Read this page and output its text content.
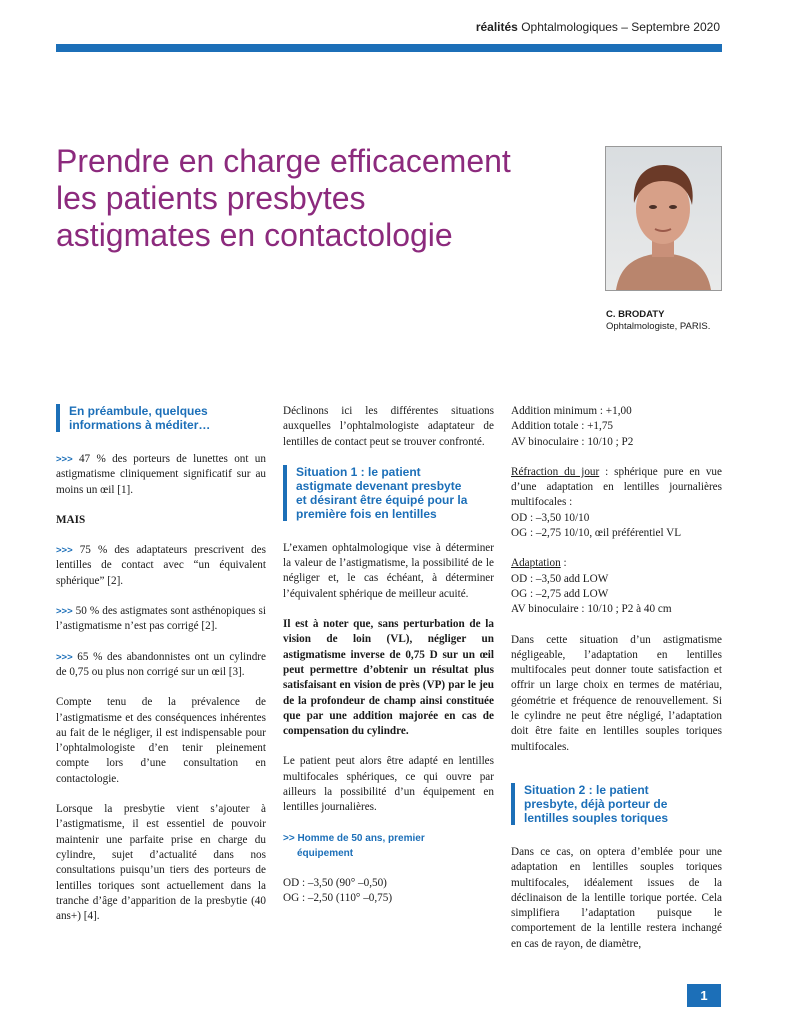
réalités Ophtalmologiques – Septembre 2020
Prendre en charge efficacement
les patients presbytes
astigmates en contactologie
C. BRODATY
Ophtalmologiste, PARIS.
En préambule, quelques
informations à méditer…

>>> 47 % des porteurs de lunettes ont un astigmatisme cliniquement significatif sur au moins un œil [1].

MAIS

>>> 75 % des adaptateurs prescrivent des lentilles de contact avec “un équivalent sphérique” [2].

>>> 50 % des astigmates sont asthénopiques si l’astigmatisme n’est pas corrigé [2].

>>> 65 % des abandonnistes ont un cylindre de 0,75 ou plus non corrigé sur un œil [3].

Compte tenu de la prévalence de l’astigmatisme et des conséquences inhérentes au fait de le négliger, il est indispensable pour l’ophtalmologiste d’en tenir pleinement compte lors d’une consultation en contactologie.

Lorsque la presbytie vient s’ajouter à l’astigmatisme, il est essentiel de pouvoir maintenir une parfaite prise en charge du cylindre, sujet d’actualité dans nos consultations puisqu’un tiers des porteurs de lentilles toriques sont actuellement dans la tranche d’âge d’apparition de la presbytie (40 ans+) [4].

Déclinons ici les différentes situations auxquelles l’ophtalmologiste adaptateur de lentilles de contact peut se trouver confronté.

Situation 1 : le patient
astigmate devenant presbyte
et désirant être équipé pour la
première fois en lentilles

L’examen ophtalmologique vise à déterminer la valeur de l’astigmatisme, la possibilité de le négliger et, le cas échéant, à déterminer l’équivalent sphérique de meilleur acuité.

Il est à noter que, sans perturbation de la vision de loin (VL), négliger un astigmatisme inverse de 0,75 D sur un œil peut permettre d’obtenir un résultat plus satisfaisant en vision de près (VP) par le jeu de la profondeur de champ ainsi constituée que par une addition majorée en cas de compensation du cylindre.

Le patient peut alors être adapté en lentilles multifocales sphériques, ce qui ouvre par ailleurs la possibilité d’un équipement en lentilles journalières.

>> Homme de 50 ans, premier
équipement
OD : –3,50 (90° –0,50)
OG : –2,50 (110° –0,75)
Addition minimum : +1,00
Addition totale : +1,75
AV binoculaire : 10/10 ; P2

Réfraction du jour : sphérique pure en vue d’une adaptation en lentilles journalières multifocales :

OD : –3,50 10/10
OG : –2,75 10/10, œil préférentiel VL
Adaptation :
OD : –3,50 add LOW
OG : –2,75 add LOW
AV binoculaire : 10/10 ; P2 à 40 cm

Dans cette situation d’un astigmatisme négligeable, l’adaptation en lentilles multifocales peut donner toute satisfaction et offrir un large choix en termes de matériau, géométrie et fréquence de renouvellement. Si le cylindre ne peut être négligé, l’adaptation doit être faite en lentilles souples toriques multifocales.

Situation 2 : le patient
presbyte, déjà porteur de
lentilles souples toriques

Dans ce cas, on optera d’emblée pour une adaptation en lentilles souples toriques multifocales, idéalement issues de la déclinaison de la lentille torique portée. Cela simplifiera l’adaptation puisque le comportement de la lentille restera inchangé en cas de rayon, de diamètre,

1
